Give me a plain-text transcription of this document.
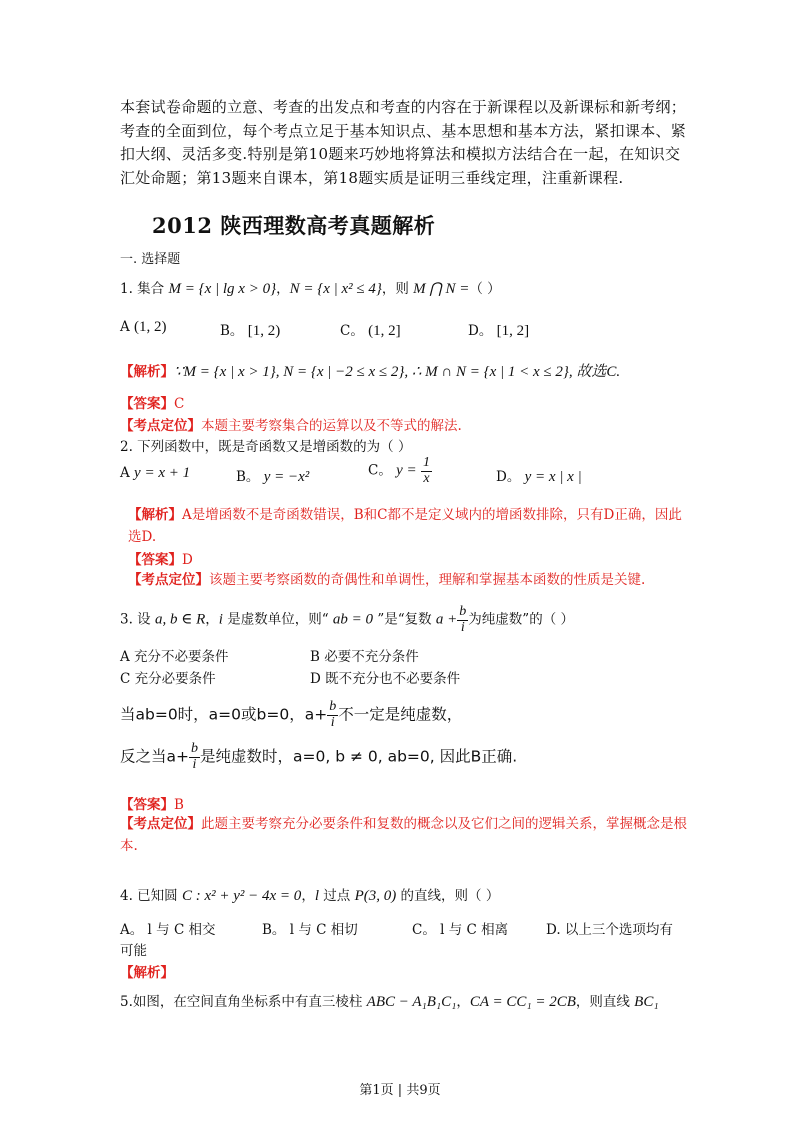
本套试卷命题的立意、考查的出发点和考查的内容在于新课程以及新课标和新考纲；考查的全面到位，每个考点立足于基本知识点、基本思想和基本方法，紧扣课本、紧扣大纲、灵活多变.特别是第10题来巧妙地将算法和模拟方法结合在一起，在知识交汇处命题；第13题来自课本，第18题实质是证明三垂线定理，注重新课程.
2012 陕西理数高考真题解析
一. 选择题
1. 集合 M = {x | lg x > 0}，N = {x | x² ≤ 4}，则 M ⋂ N =（ ）
A (1, 2)	B。 [1, 2)	C。 (1, 2]	D。 [1, 2]
【解析】∵M = {x | x > 1}, N = {x | −2 ≤ x ≤ 2}, ∴ M ∩ N = {x | 1 < x ≤ 2}, 故选C.
【答案】C
【考点定位】本题主要考察集合的运算以及不等式的解法.
2. 下列函数中，既是奇函数又是增函数的为（ ）
A y = x + 1	B。 y = −x²	C。 $y = \frac{1}{x}$	D。 y = x | x |
【解析】A是增函数不是奇函数错误，B和C都不是定义域内的增函数排除，只有D正确，因此选D.
【答案】D
【考点定位】该题主要考察函数的奇偶性和单调性，理解和掌握基本函数的性质是关键.
3. 设 a, b ∈ R，i 是虚数单位，则“ ab = 0 ”是“复数 $a + \frac{b}{i}$ 为纯虚数”的（ ）
A 充分不必要条件	B 必要不充分条件
C 充分必要条件	D 既不充分也不必要条件
当ab=0时，a=0或b=0，$a+ \frac{b}{i}$ 不一定是纯虚数，
反之当$a+ \frac{b}{i}$ 是纯虚数时，a=0, b ≠ 0, ab=0, 因此B正确.
【答案】B
【考点定位】此题主要考察充分必要条件和复数的概念以及它们之间的逻辑关系，掌握概念是根本.
4. 已知圆 C : x² + y² − 4x = 0，l 过点 P(3, 0) 的直线，则（ ）
A。 l 与 C 相交	B。 l 与 C 相切	C。 l 与 C 相离	D. 以上三个选项均有
可能
【解析】
5.如图，在空间直角坐标系中有直三棱柱 ABC − A₁B₁C₁，CA = CC₁ = 2CB，则直线 BC₁
第1页 | 共9页
